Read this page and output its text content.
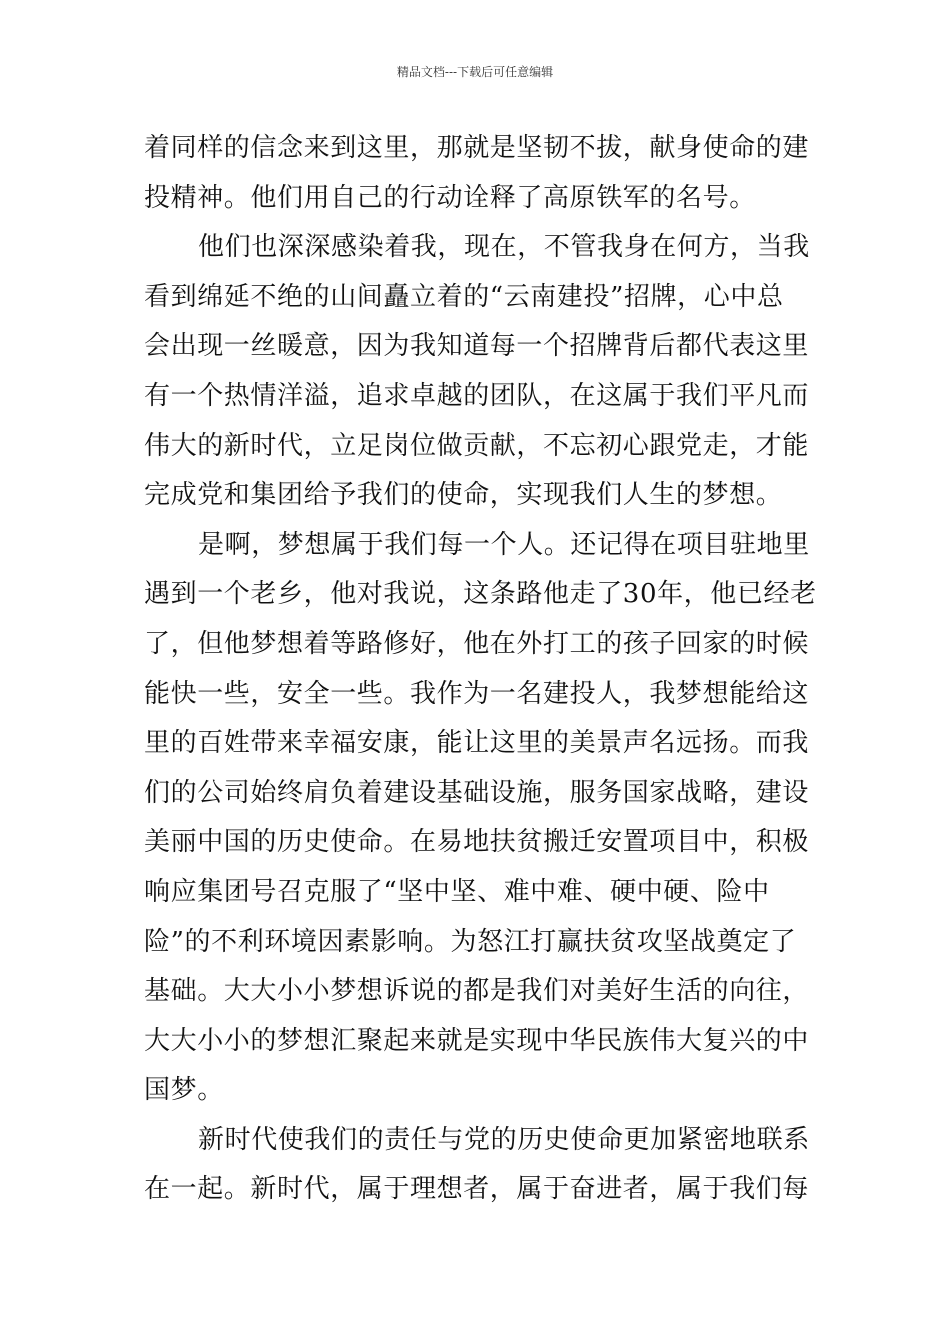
精品文档---下载后可任意编辑
着同样的信念来到这里，那就是坚韧不拔，献身使命的建
投精神。他们用自己的行动诠释了高原铁军的名号。
他们也深深感染着我，现在，不管我身在何方，当我
看到绵延不绝的山间矗立着的“云南建投”招牌，心中总
会出现一丝暖意，因为我知道每一个招牌背后都代表这里
有一个热情洋溢，追求卓越的团队，在这属于我们平凡而
伟大的新时代，立足岗位做贡献，不忘初心跟党走，才能
完成党和集团给予我们的使命，实现我们人生的梦想。
是啊，梦想属于我们每一个人。还记得在项目驻地里
遇到一个老乡，他对我说，这条路他走了30年，他已经老
了，但他梦想着等路修好，他在外打工的孩子回家的时候
能快一些，安全一些。我作为一名建投人，我梦想能给这
里的百姓带来幸福安康，能让这里的美景声名远扬。而我
们的公司始终肩负着建设基础设施，服务国家战略，建设
美丽中国的历史使命。在易地扶贫搬迁安置项目中，积极
响应集团号召克服了“坚中坚、难中难、硬中硬、险中
险”的不利环境因素影响。为怒江打赢扶贫攻坚战奠定了
基础。大大小小梦想诉说的都是我们对美好生活的向往，
大大小小的梦想汇聚起来就是实现中华民族伟大复兴的中
国梦。
新时代使我们的责任与党的历史使命更加紧密地联系
在一起。新时代，属于理想者，属于奋进者，属于我们每
